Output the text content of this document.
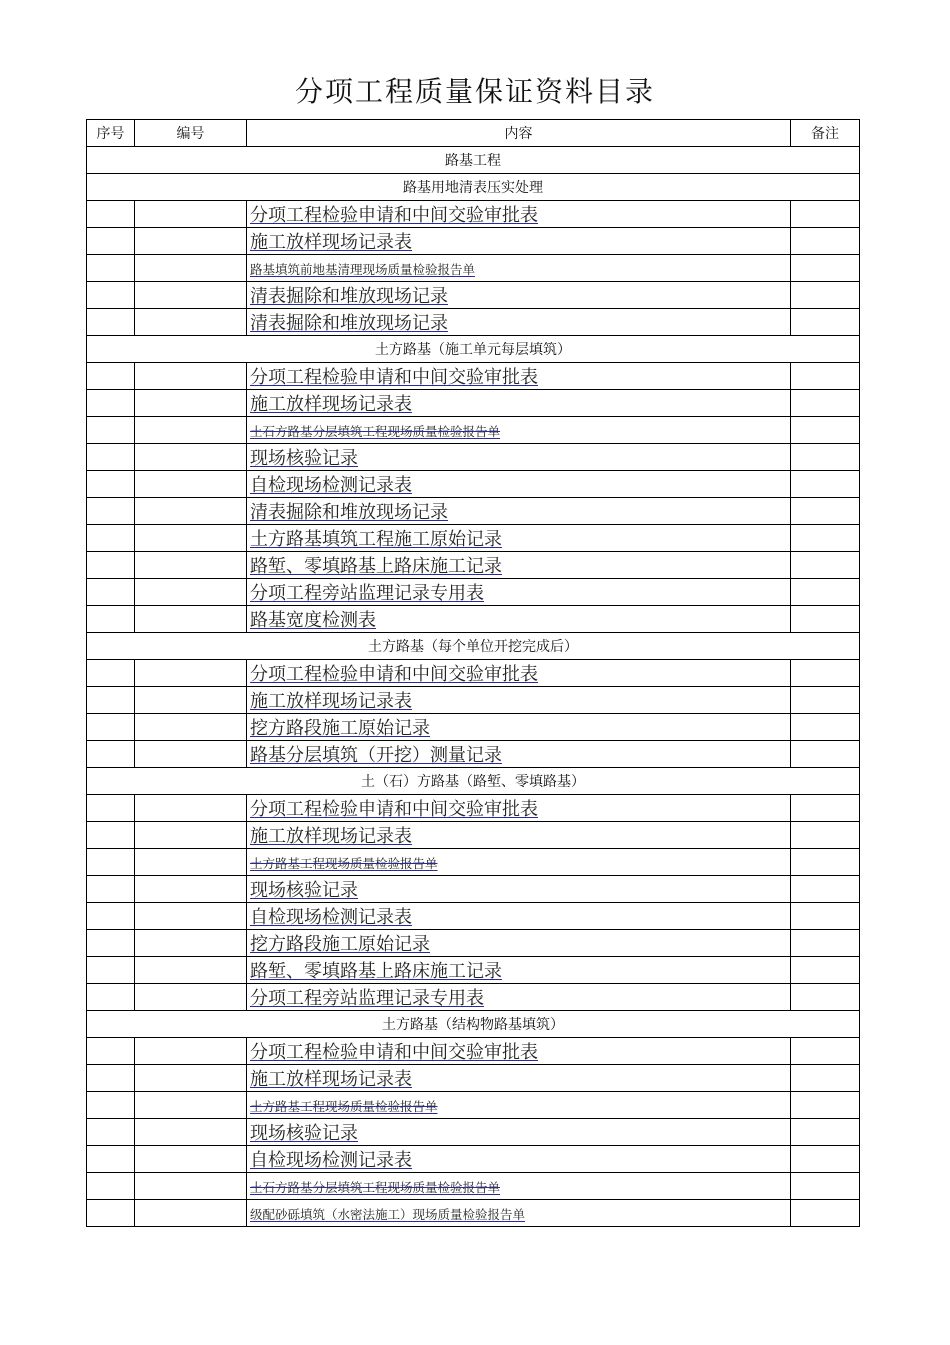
分项工程质量保证资料目录
序号	编号	内容	备注
路基工程			
路基用地清表压实处理			
		分项工程检验申请和中间交验审批表	
		施工放样现场记录表	
		路基填筑前地基清理现场质量检验报告单	
		清表掘除和堆放现场记录	
		清表掘除和堆放现场记录	
土方路基（施工单元每层填筑）			
		分项工程检验申请和中间交验审批表	
		施工放样现场记录表	
		土石方路基分层填筑工程现场质量检验报告单	
		现场核验记录	
		自检现场检测记录表	
		清表掘除和堆放现场记录	
		土方路基填筑工程施工原始记录	
		路堑、零填路基上路床施工记录	
		分项工程旁站监理记录专用表	
		路基宽度检测表	
土方路基（每个单位开挖完成后）			
		分项工程检验申请和中间交验审批表	
		施工放样现场记录表	
		挖方路段施工原始记录	
		路基分层填筑（开挖）测量记录	
土（石）方路基（路堑、零填路基）			
		分项工程检验申请和中间交验审批表	
		施工放样现场记录表	
		土方路基工程现场质量检验报告单	
		现场核验记录	
		自检现场检测记录表	
		挖方路段施工原始记录	
		路堑、零填路基上路床施工记录	
		分项工程旁站监理记录专用表	
土方路基（结构物路基填筑）			
		分项工程检验申请和中间交验审批表	
		施工放样现场记录表	
		土方路基工程现场质量检验报告单	
		现场核验记录	
		自检现场检测记录表	
		土石方路基分层填筑工程现场质量检验报告单	
		级配砂砾填筑（水密法施工）现场质量检验报告单	
